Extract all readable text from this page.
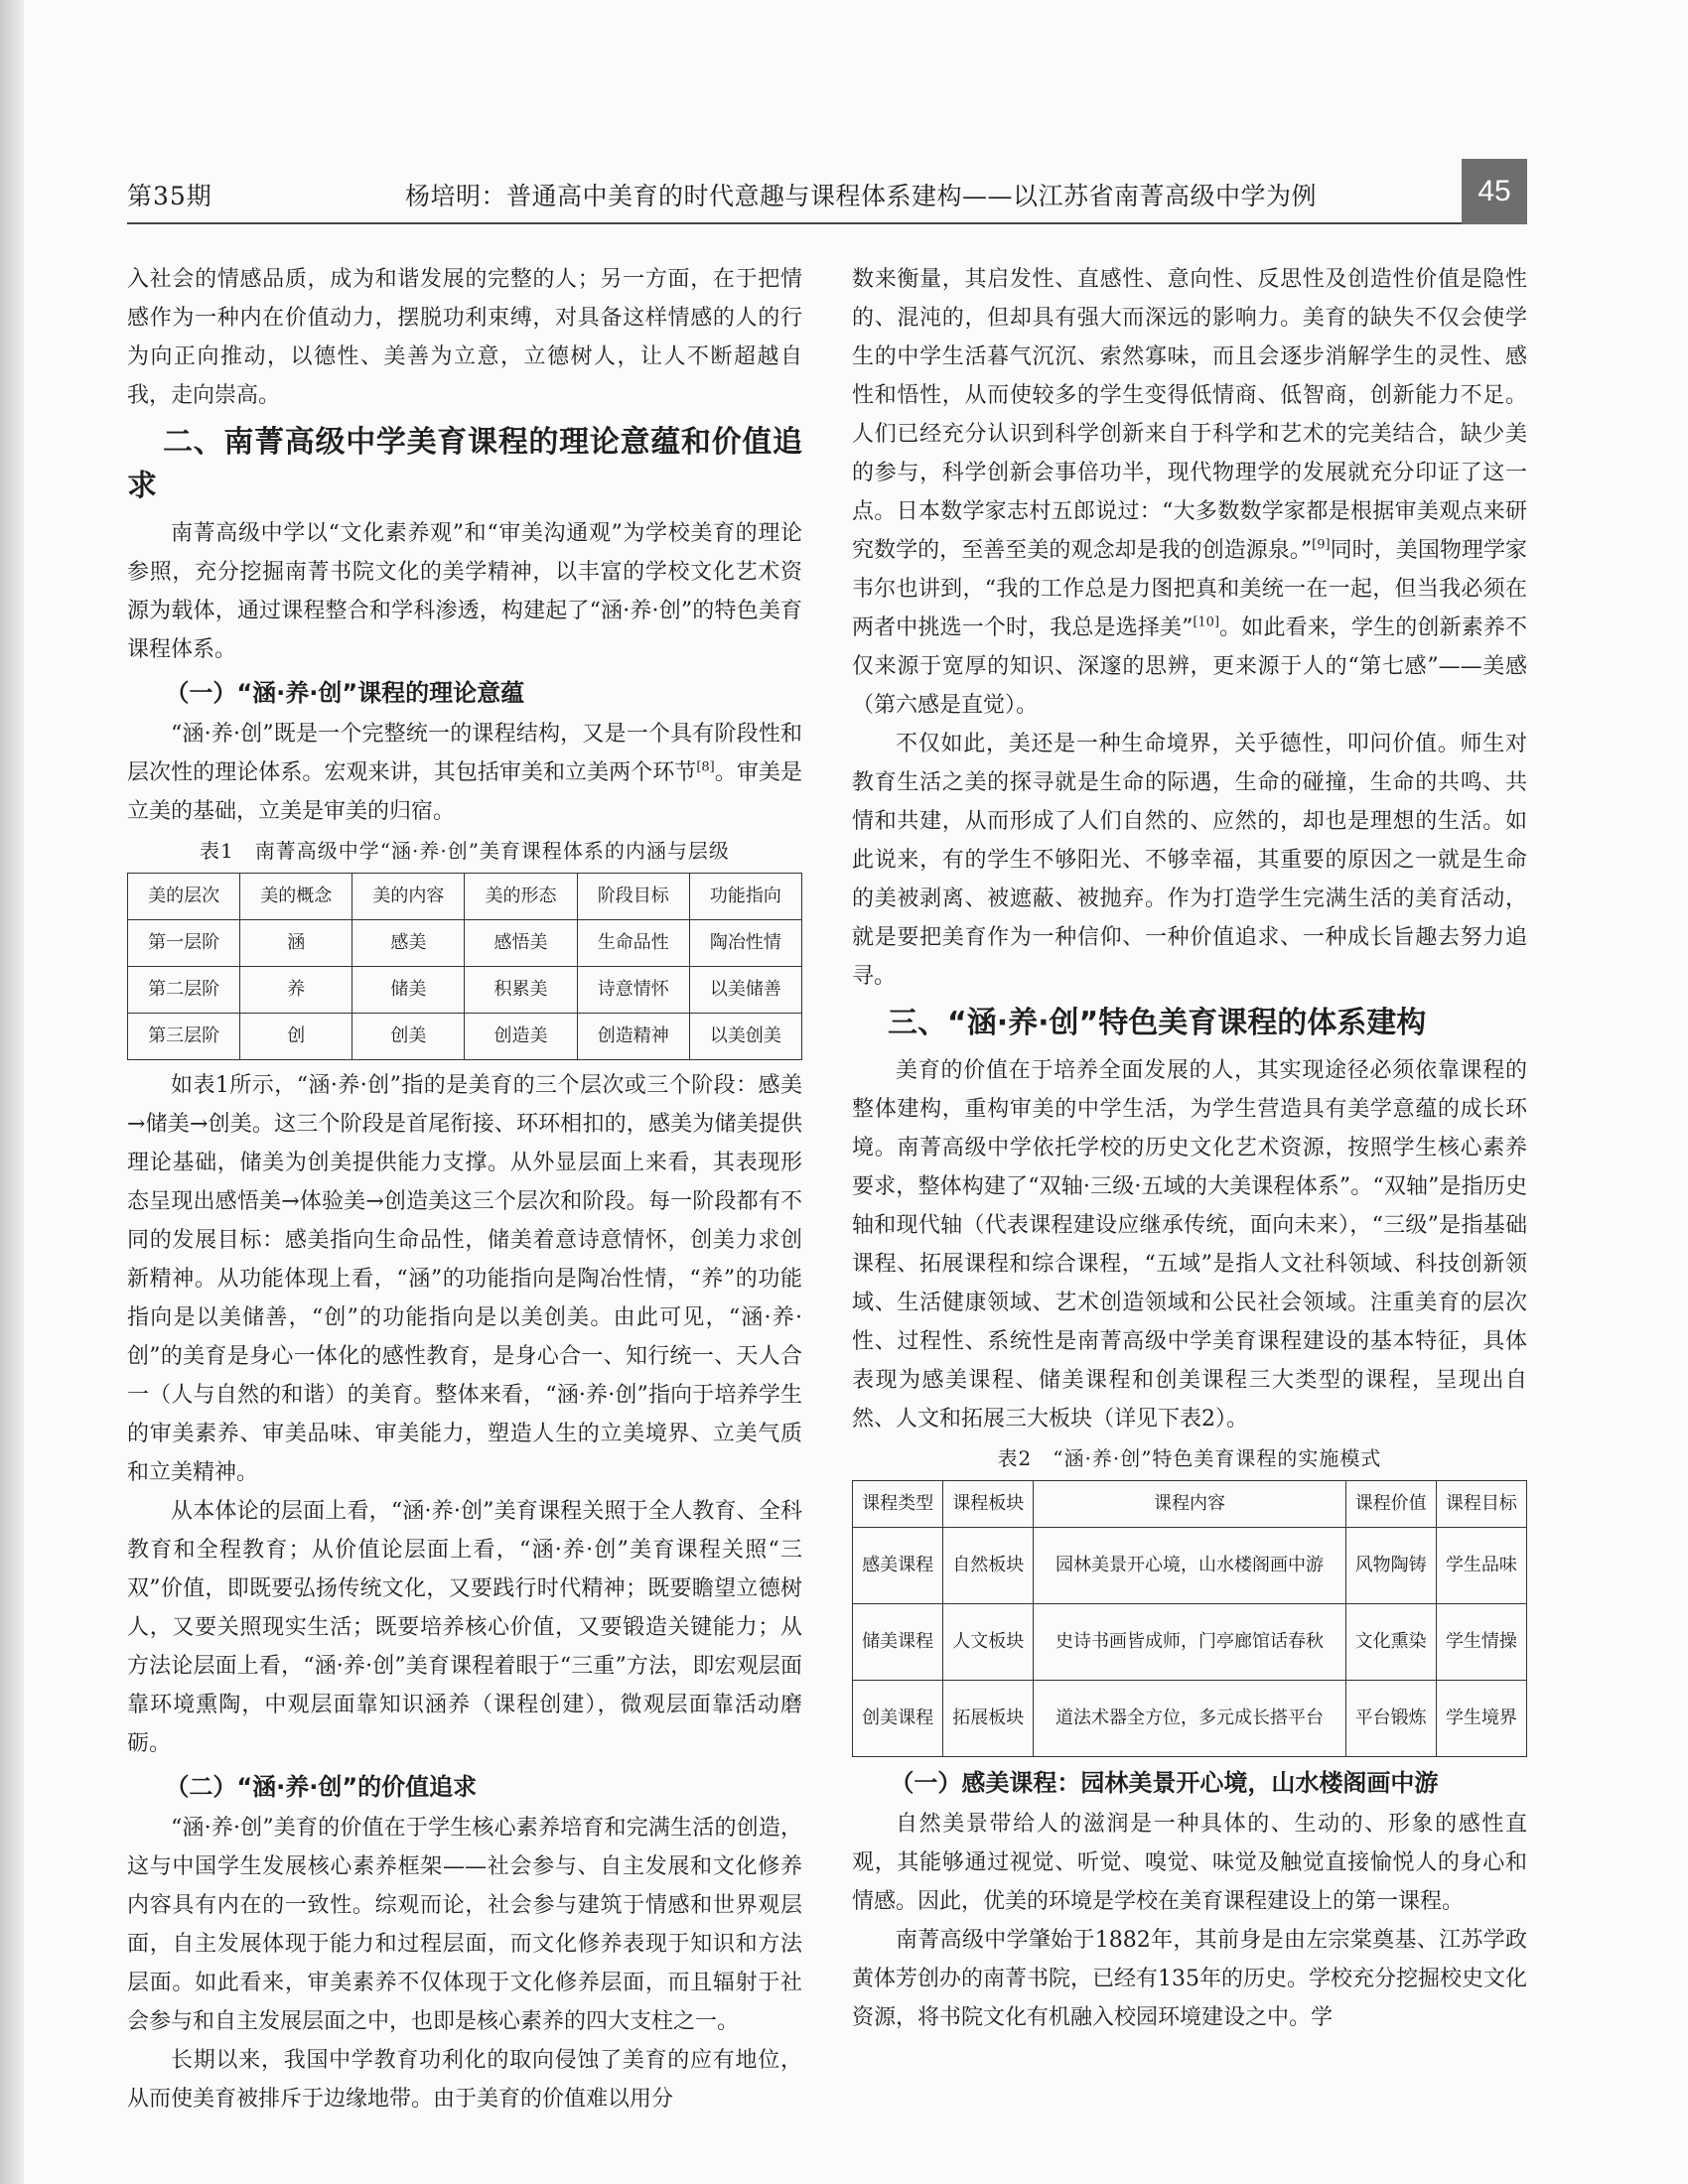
第35期	杨培明：普通高中美育的时代意趣与课程体系建构——以江苏省南菁高级中学为例	45

入社会的情感品质，成为和谐发展的完整的人；另一方面，在于把情感作为一种内在价值动力，摆脱功利束缚，对具备这样情感的人的行为向正向推动，以德性、美善为立意，立德树人，让人不断超越自我，走向崇高。

二、南菁高级中学美育课程的理论意蕴和价值追求

南菁高级中学以“文化素养观”和“审美沟通观”为学校美育的理论参照，充分挖掘南菁书院文化的美学精神，以丰富的学校文化艺术资源为载体，通过课程整合和学科渗透，构建起了“涵·养·创”的特色美育课程体系。

（一）“涵·养·创”课程的理论意蕴

“涵·养·创”既是一个完整统一的课程结构，又是一个具有阶段性和层次性的理论体系。宏观来讲，其包括审美和立美两个环节[8]。审美是立美的基础，立美是审美的归宿。

表1　南菁高级中学“涵·养·创”美育课程体系的内涵与层级
美的层次	美的概念	美的内容	美的形态	阶段目标	功能指向
第一层阶	涵	感美	感悟美	生命品性	陶冶性情
第二层阶	养	储美	积累美	诗意情怀	以美储善
第三层阶	创	创美	创造美	创造精神	以美创美

如表1所示，“涵·养·创”指的是美育的三个层次或三个阶段：感美→储美→创美。这三个阶段是首尾衔接、环环相扣的，感美为储美提供理论基础，储美为创美提供能力支撑。从外显层面上来看，其表现形态呈现出感悟美→体验美→创造美这三个层次和阶段。每一阶段都有不同的发展目标：感美指向生命品性，储美着意诗意情怀，创美力求创新精神。从功能体现上看，“涵”的功能指向是陶冶性情，“养”的功能指向是以美储善，“创”的功能指向是以美创美。由此可见，“涵·养·创”的美育是身心一体化的感性教育，是身心合一、知行统一、天人合一（人与自然的和谐）的美育。整体来看，“涵·养·创”指向于培养学生的审美素养、审美品味、审美能力，塑造人生的立美境界、立美气质和立美精神。

从本体论的层面上看，“涵·养·创”美育课程关照于全人教育、全科教育和全程教育；从价值论层面上看，“涵·养·创”美育课程关照“三双”价值，即既要弘扬传统文化，又要践行时代精神；既要瞻望立德树人，又要关照现实生活；既要培养核心价值，又要锻造关键能力；从方法论层面上看，“涵·养·创”美育课程着眼于“三重”方法，即宏观层面靠环境熏陶，中观层面靠知识涵养（课程创建），微观层面靠活动磨砺。

（二）“涵·养·创”的价值追求

“涵·养·创”美育的价值在于学生核心素养培育和完满生活的创造，这与中国学生发展核心素养框架——社会参与、自主发展和文化修养内容具有内在的一致性。综观而论，社会参与建筑于情感和世界观层面，自主发展体现于能力和过程层面，而文化修养表现于知识和方法层面。如此看来，审美素养不仅体现于文化修养层面，而且辐射于社会参与和自主发展层面之中，也即是核心素养的四大支柱之一。

长期以来，我国中学教育功利化的取向侵蚀了美育的应有地位，从而使美育被排斥于边缘地带。由于美育的价值难以用分

数来衡量，其启发性、直感性、意向性、反思性及创造性价值是隐性的、混沌的，但却具有强大而深远的影响力。美育的缺失不仅会使学生的中学生活暮气沉沉、索然寡味，而且会逐步消解学生的灵性、感性和悟性，从而使较多的学生变得低情商、低智商，创新能力不足。人们已经充分认识到科学创新来自于科学和艺术的完美结合，缺少美的参与，科学创新会事倍功半，现代物理学的发展就充分印证了这一点。日本数学家志村五郎说过：“大多数数学家都是根据审美观点来研究数学的，至善至美的观念却是我的创造源泉。”[9]同时，美国物理学家韦尔也讲到，“我的工作总是力图把真和美统一在一起，但当我必须在两者中挑选一个时，我总是选择美”[10]。如此看来，学生的创新素养不仅来源于宽厚的知识、深邃的思辨，更来源于人的“第七感”——美感（第六感是直觉）。

不仅如此，美还是一种生命境界，关乎德性，叩问价值。师生对教育生活之美的探寻就是生命的际遇，生命的碰撞，生命的共鸣、共情和共建，从而形成了人们自然的、应然的，却也是理想的生活。如此说来，有的学生不够阳光、不够幸福，其重要的原因之一就是生命的美被剥离、被遮蔽、被抛弃。作为打造学生完满生活的美育活动，就是要把美育作为一种信仰、一种价值追求、一种成长旨趣去努力追寻。

三、“涵·养·创”特色美育课程的体系建构

美育的价值在于培养全面发展的人，其实现途径必须依靠课程的整体建构，重构审美的中学生活，为学生营造具有美学意蕴的成长环境。南菁高级中学依托学校的历史文化艺术资源，按照学生核心素养要求，整体构建了“双轴·三级·五域的大美课程体系”。“双轴”是指历史轴和现代轴（代表课程建设应继承传统，面向未来），“三级”是指基础课程、拓展课程和综合课程，“五域”是指人文社科领域、科技创新领域、生活健康领域、艺术创造领域和公民社会领域。注重美育的层次性、过程性、系统性是南菁高级中学美育课程建设的基本特征，具体表现为感美课程、储美课程和创美课程三大类型的课程，呈现出自然、人文和拓展三大板块（详见下表2）。

表2　“涵·养·创”特色美育课程的实施模式
课程类型	课程板块	课程内容	课程价值	课程目标
感美课程	自然板块	园林美景开心境，山水楼阁画中游	风物陶铸	学生品味
储美课程	人文板块	史诗书画皆成师，门亭廊馆话春秋	文化熏染	学生情操
创美课程	拓展板块	道法术器全方位，多元成长搭平台	平台锻炼	学生境界
（一）感美课程：园林美景开心境，山水楼阁画中游

自然美景带给人的滋润是一种具体的、生动的、形象的感性直观，其能够通过视觉、听觉、嗅觉、味觉及触觉直接愉悦人的身心和情感。因此，优美的环境是学校在美育课程建设上的第一课程。

南菁高级中学肇始于1882年，其前身是由左宗棠奠基、江苏学政黄体芳创办的南菁书院，已经有135年的历史。学校充分挖掘校史文化资源，将书院文化有机融入校园环境建设之中。学
